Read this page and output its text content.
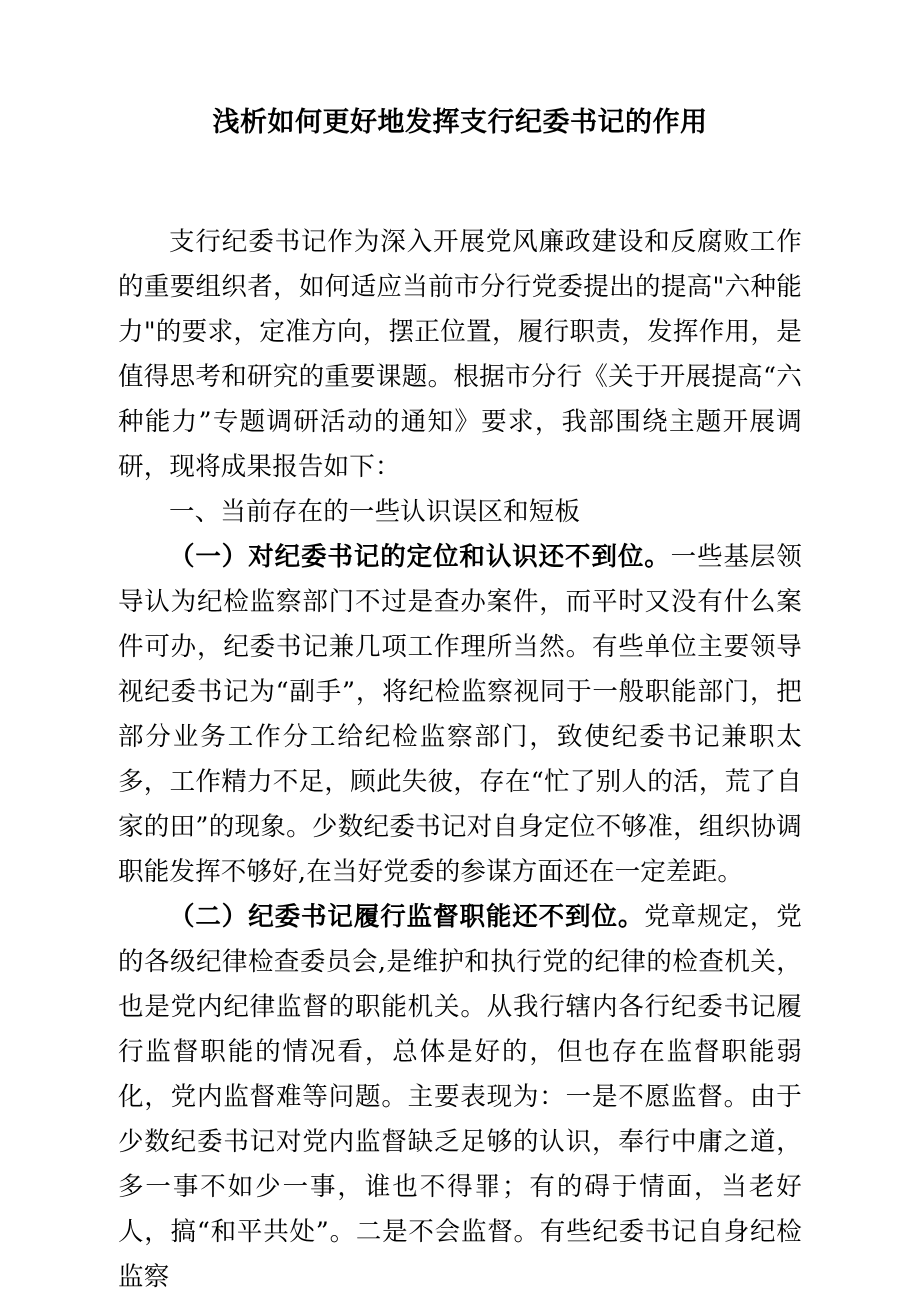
浅析如何更好地发挥支行纪委书记的作用

支行纪委书记作为深入开展党风廉政建设和反腐败工作的重要组织者，如何适应当前市分行党委提出的提高"六种能力"的要求，定准方向，摆正位置，履行职责，发挥作用，是值得思考和研究的重要课题。根据市分行《关于开展提高“六种能力”专题调研活动的通知》要求，我部围绕主题开展调研，现将成果报告如下：

一、当前存在的一些认识误区和短板

（一）对纪委书记的定位和认识还不到位。一些基层领导认为纪检监察部门不过是查办案件，而平时又没有什么案件可办，纪委书记兼几项工作理所当然。有些单位主要领导视纪委书记为“副手”，将纪检监察视同于一般职能部门，把部分业务工作分工给纪检监察部门，致使纪委书记兼职太多，工作精力不足，顾此失彼，存在“忙了别人的活，荒了自家的田”的现象。少数纪委书记对自身定位不够准，组织协调职能发挥不够好,在当好党委的参谋方面还在一定差距。

（二）纪委书记履行监督职能还不到位。党章规定，党的各级纪律检查委员会,是维护和执行党的纪律的检查机关，也是党内纪律监督的职能机关。从我行辖内各行纪委书记履行监督职能的情况看，总体是好的，但也存在监督职能弱化，党内监督难等问题。主要表现为：一是不愿监督。由于少数纪委书记对党内监督缺乏足够的认识，奉行中庸之道，多一事不如少一事，谁也不得罪；有的碍于情面，当老好人，搞“和平共处”。二是不会监督。有些纪委书记自身纪检监察
